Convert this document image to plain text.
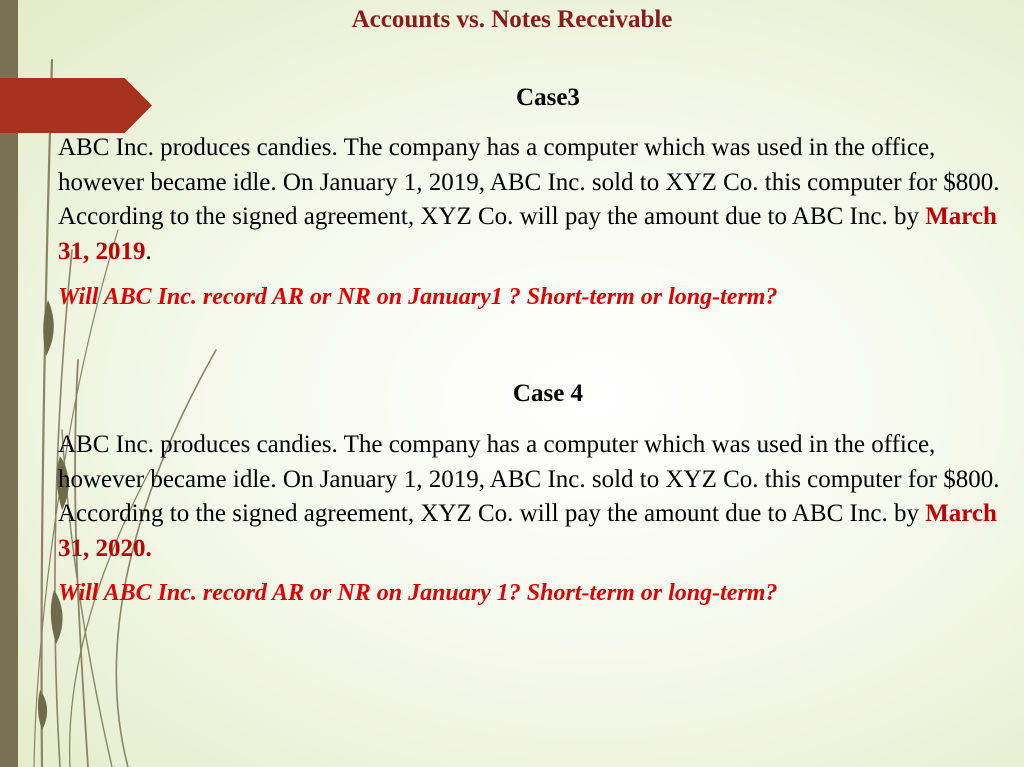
Accounts vs. Notes Receivable
Case3
ABC Inc. produces candies. The company has a computer which was used in the office, however became idle. On January 1, 2019, ABC Inc. sold to XYZ Co. this computer for $800. According to the signed agreement, XYZ Co. will pay the amount due to ABC Inc. by March 31, 2019.
Will ABC Inc. record AR or NR on January1 ? Short-term or long-term?
Case 4
ABC Inc. produces candies. The company has a computer which was used in the office, however became idle. On January 1, 2019, ABC Inc. sold to XYZ Co. this computer for $800. According to the signed agreement, XYZ Co. will pay the amount due to ABC Inc. by March 31, 2020.
Will ABC Inc. record AR or NR on January 1? Short-term or long-term?
